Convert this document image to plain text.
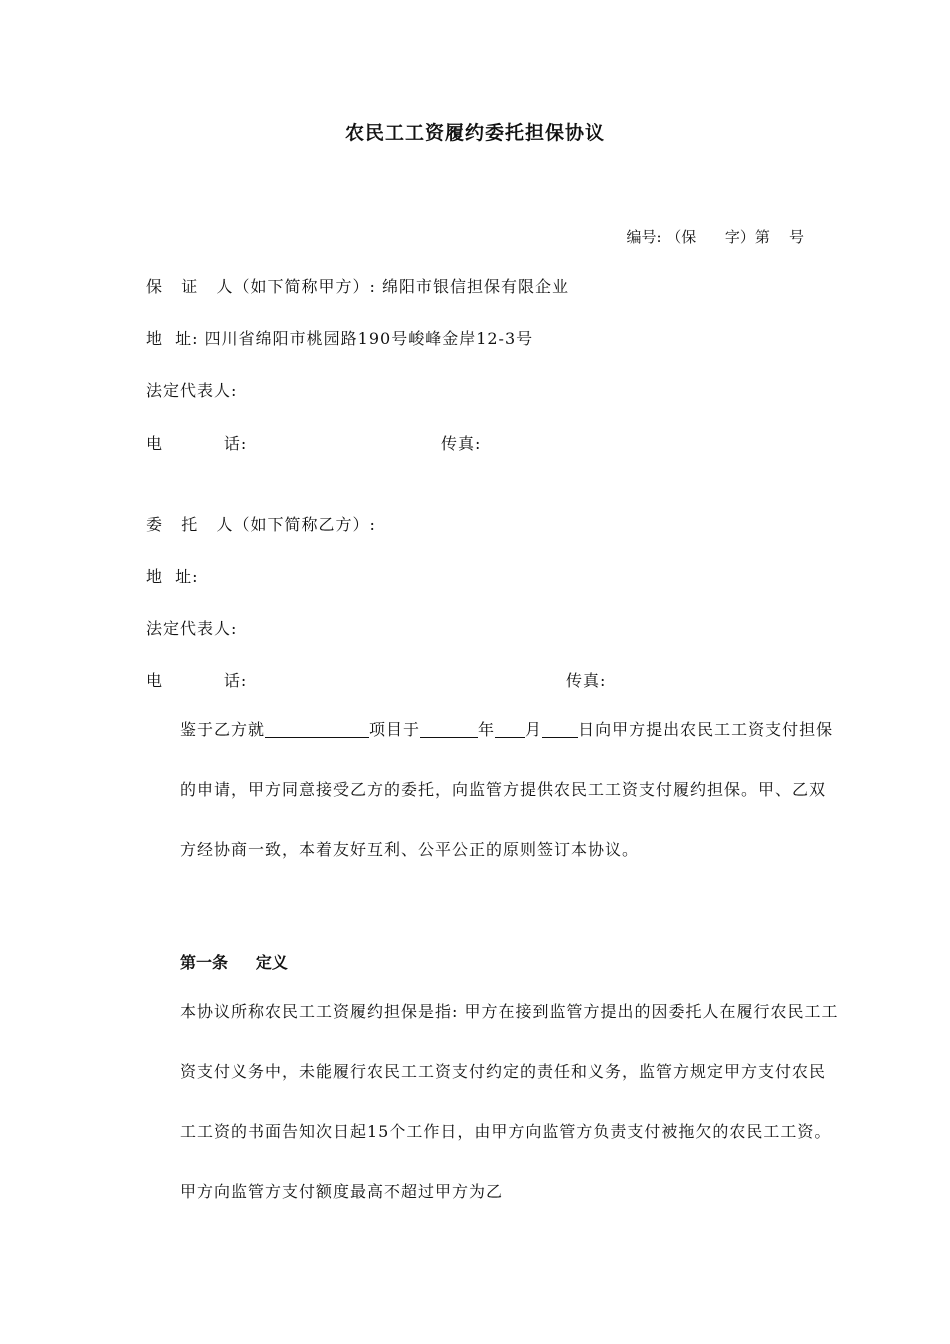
农民工工资履约委托担保协议
编号: （保      字）第    号
保   证   人（如下简称甲方）: 绵阳市银信担保有限企业
地  址: 四川省绵阳市桃园路190号峻峰金岸12-3号
法定代表人:
电          话:	传真:
委   托   人（如下简称乙方）:
地  址:
法定代表人:
电          话:	传真:
鉴于乙方就	项目于	年 月 日向甲方提出农民工工资支付担保的申请，甲方同意接受乙方的委托，向监管方提供农民工工资支付履约担保。甲、乙双方经协商一致，本着友好互利、公平公正的原则签订本协议。
第一条     定义
本协议所称农民工工资履约担保是指: 甲方在接到监管方提出的因委托人在履行农民工工资支付义务中，未能履行农民工工资支付约定的责任和义务，监管方规定甲方支付农民工工资的书面告知次日起15个工作日，由甲方向监管方负责支付被拖欠的农民工工资。甲方向监管方支付额度最高不超过甲方为乙
